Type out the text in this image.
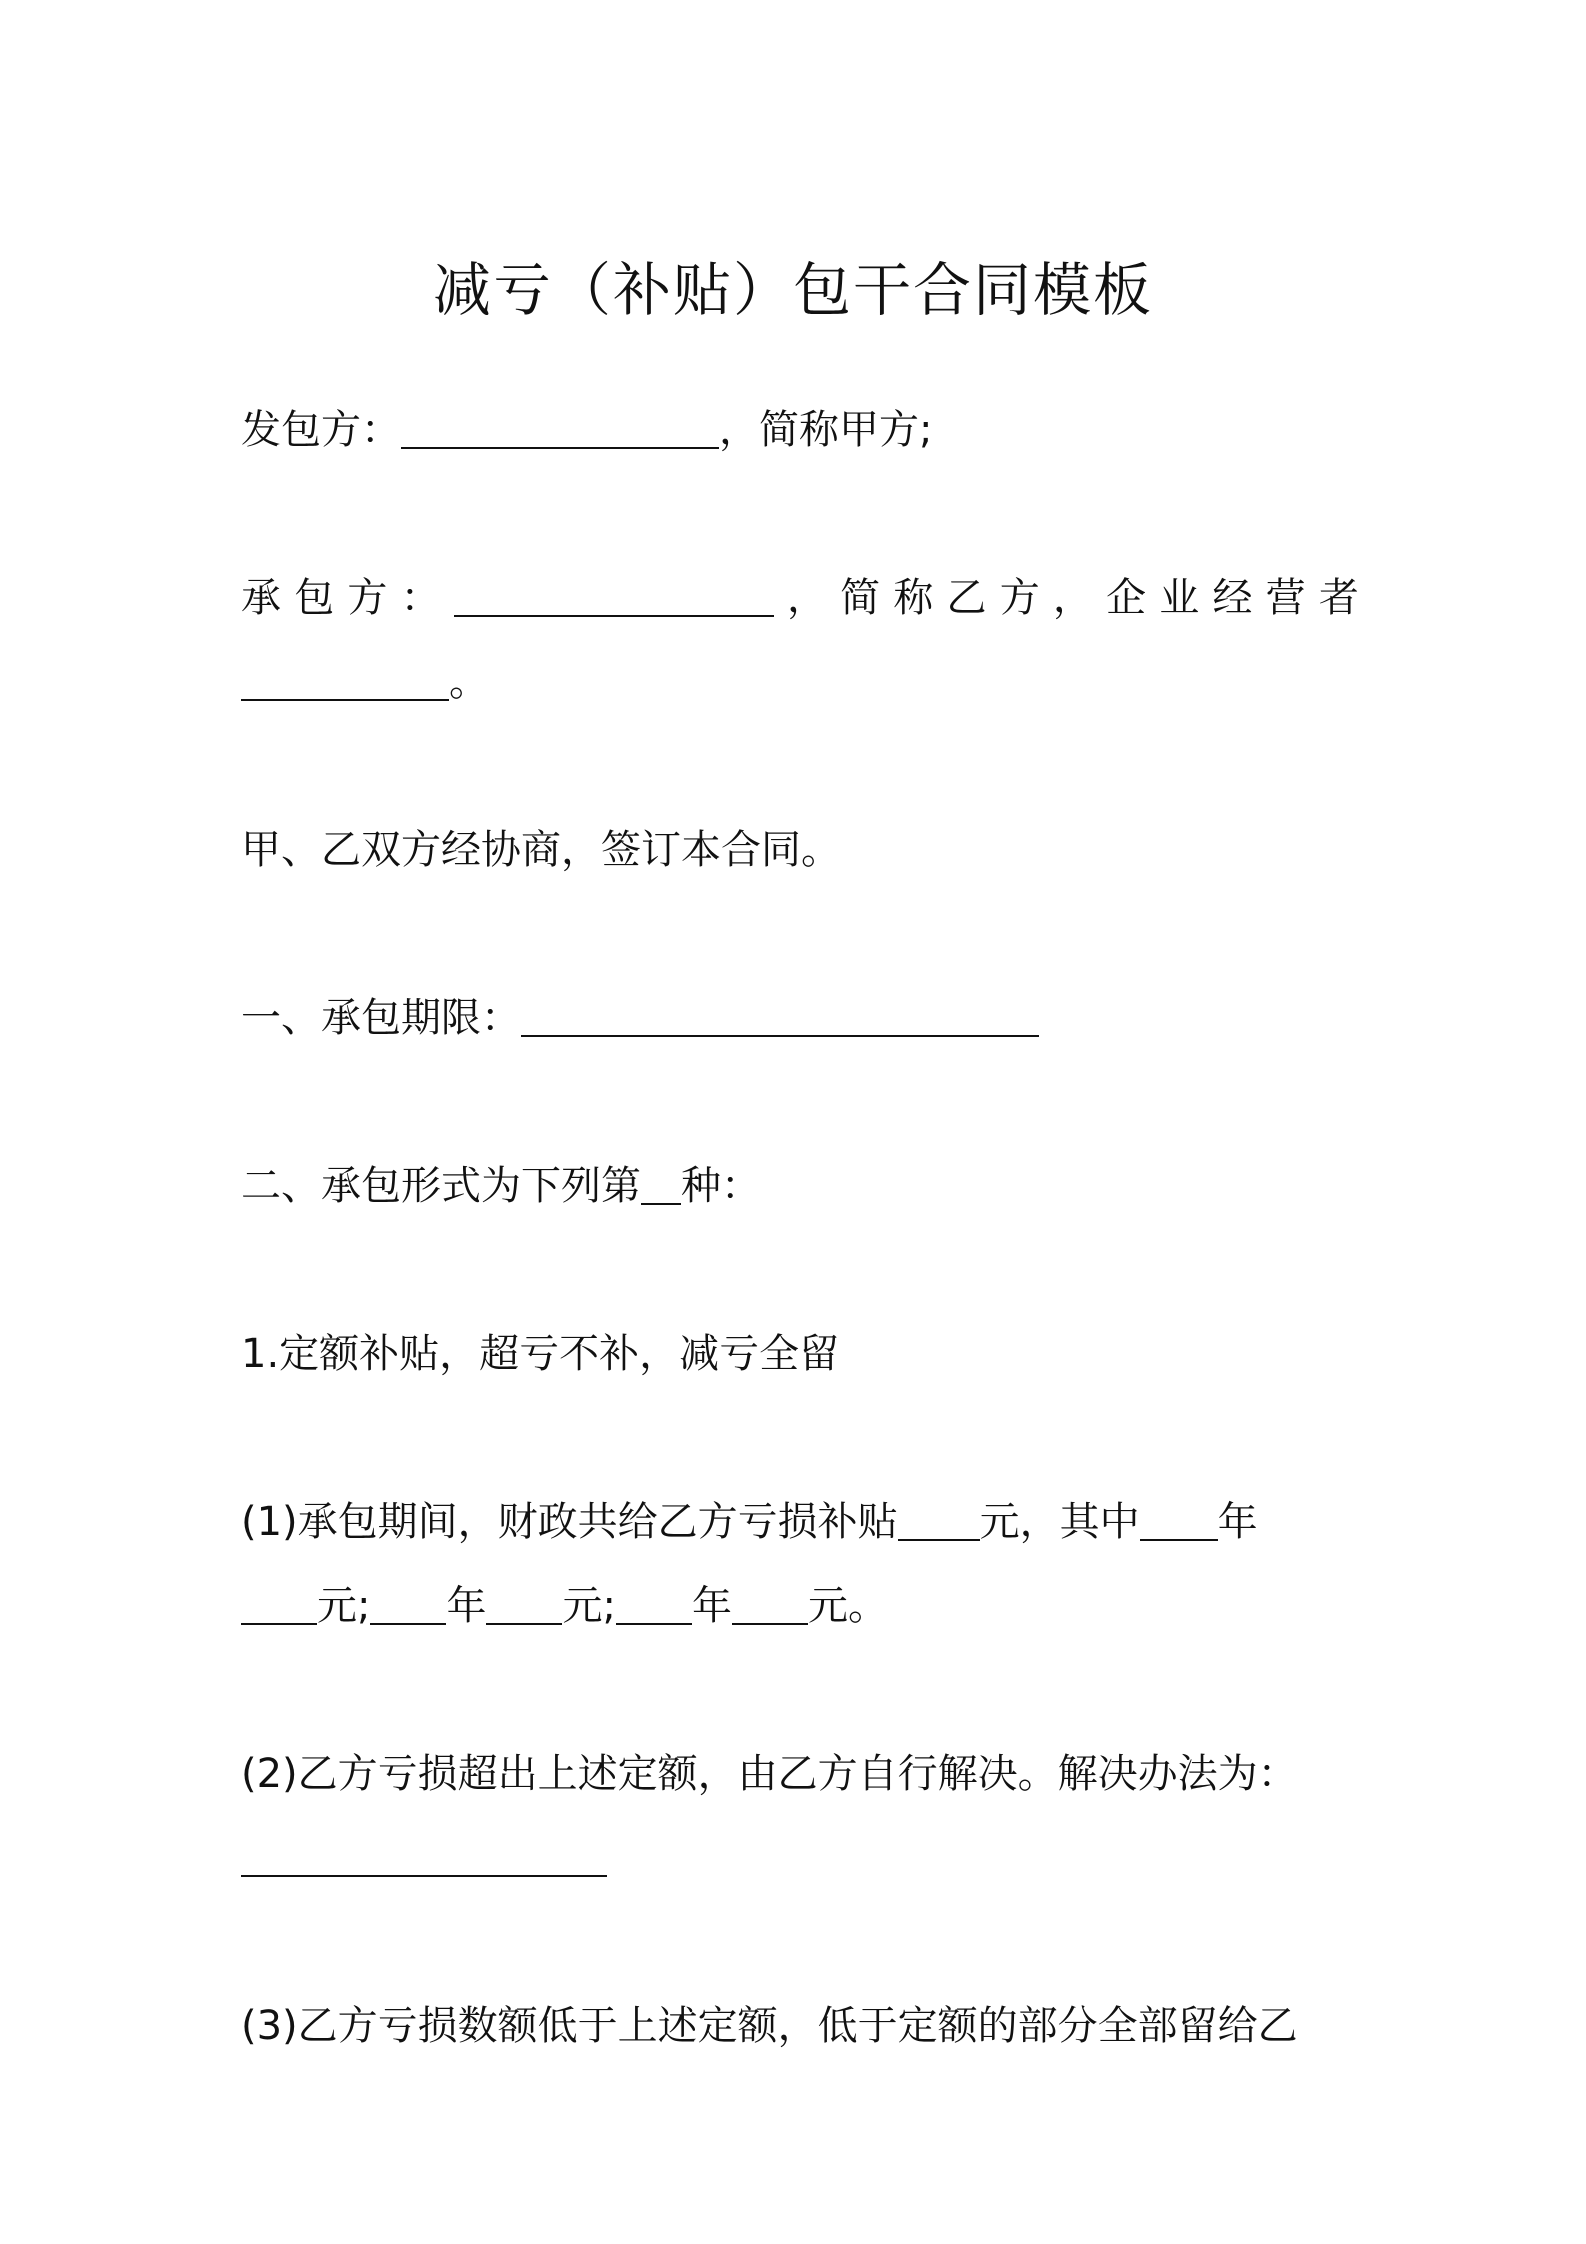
减亏（补贴）包干合同模板
发包方：	，简称甲方;
承 包 方 ：	， 简 称 乙 方 ， 企 业 经 营 者
。
甲、乙双方经协商，签订本合同。
一、承包期限：
二、承包形式为下列第 种：
1.定额补贴，超亏不补，减亏全留
(1)承包期间，财政共给乙方亏损补贴 元，其中 年
元; 年 元; 年 元。
(2)乙方亏损超出上述定额，由乙方自行解决。解决办法为：
(3)乙方亏损数额低于上述定额，低于定额的部分全部留给乙
